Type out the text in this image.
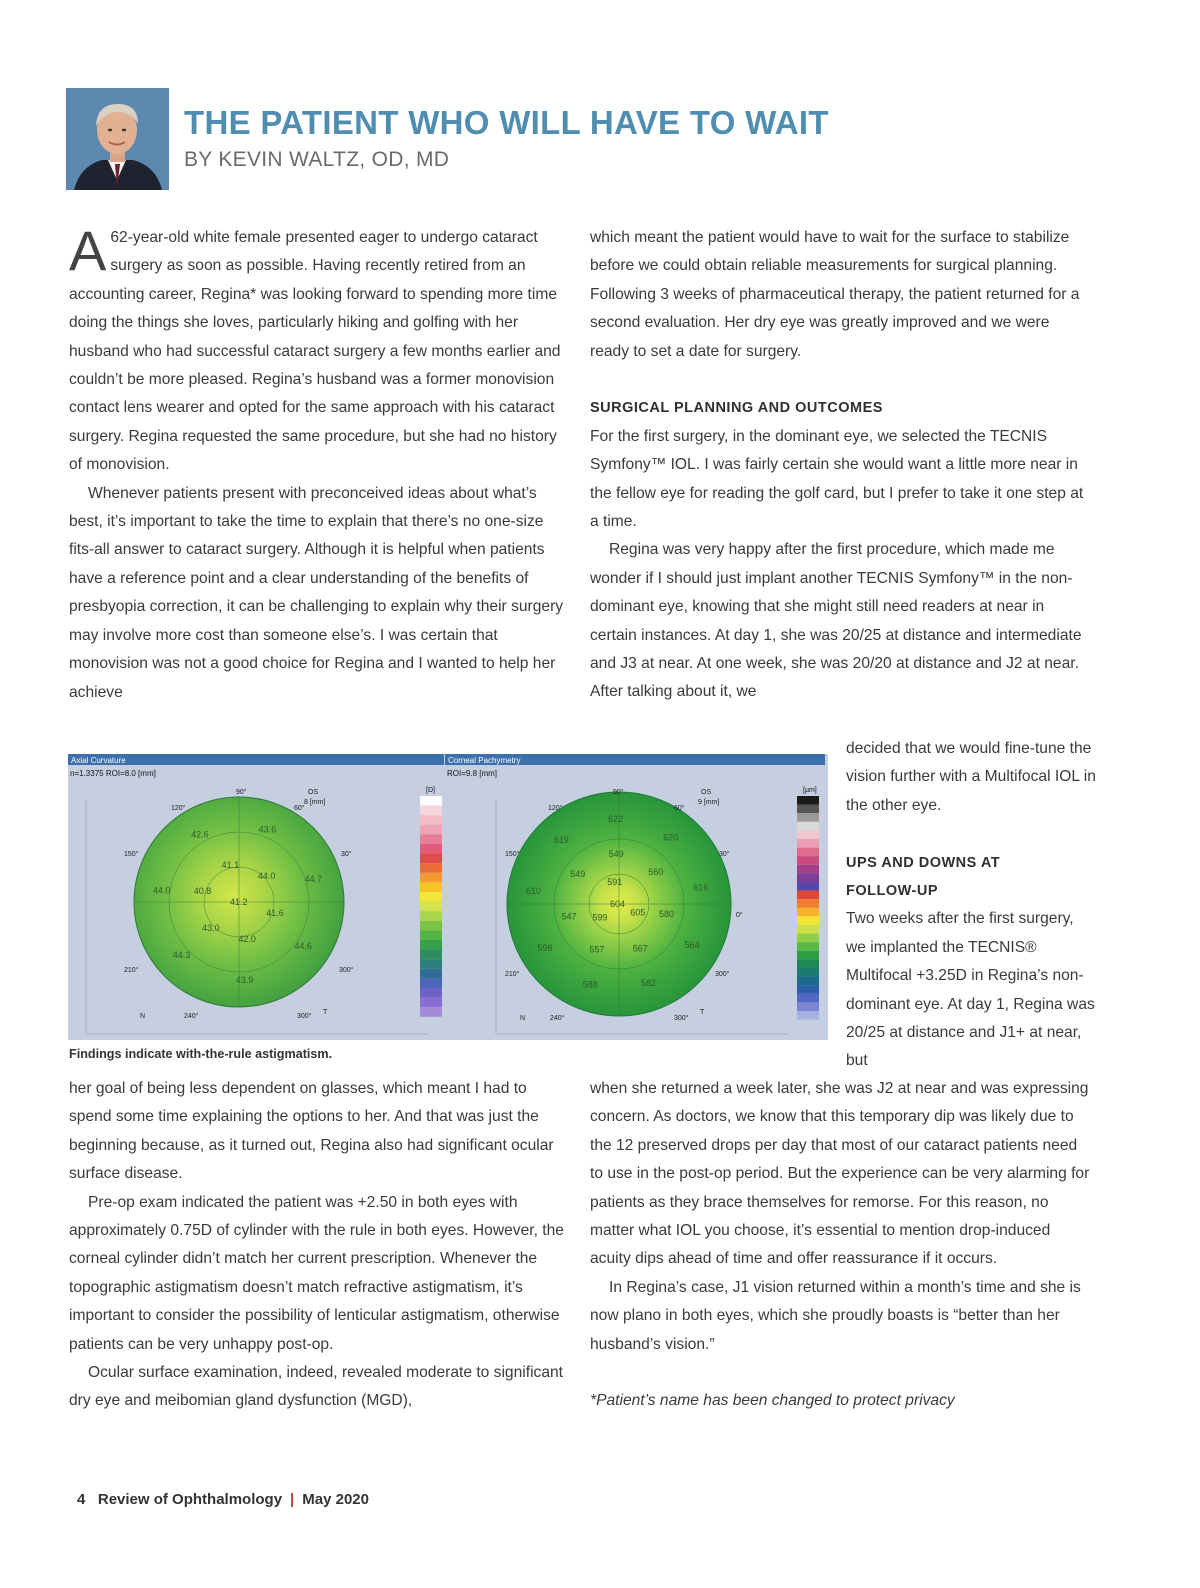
THE PATIENT WHO WILL HAVE TO WAIT
BY KEVIN WALTZ, OD, MD

A 62-year-old white female presented eager to undergo cataract surgery as soon as possible. Having recently retired from an accounting career, Regina* was looking forward to spending more time doing the things she loves, particularly hiking and golfing with her husband who had successful cataract surgery a few months earlier and couldn’t be more pleased. Regina’s husband was a former monovision contact lens wearer and opted for the same approach with his cataract surgery. Regina requested the same procedure, but she had no history of monovision.

Whenever patients present with preconceived ideas about what’s best, it’s important to take the time to explain that there’s no one-size fits-all answer to cataract surgery. Although it is helpful when patients have a reference point and a clear understanding of the benefits of presbyopia correction, it can be challenging to explain why their surgery may involve more cost than someone else’s. I was certain that monovision was not a good choice for Regina and I wanted to help her achieve

which meant the patient would have to wait for the surface to stabilize before we could obtain reliable measurements for surgical planning. Following 3 weeks of pharmaceutical therapy, the patient returned for a second evaluation. Her dry eye was greatly improved and we were ready to set a date for surgery.

SURGICAL PLANNING AND OUTCOMES

For the first surgery, in the dominant eye, we selected the TECNIS Symfony™ IOL. I was fairly certain she would want a little more near in the fellow eye for reading the golf card, but I prefer to take it one step at a time.

Regina was very happy after the first procedure, which made me wonder if I should just implant another TECNIS Symfony™ in the non-dominant eye, knowing that she might still need readers at near in certain instances. At day 1, she was 20/25 at distance and intermediate and J3 at near. At one week, she was 20/20 at distance and J2 at near. After talking about it, we

decided that we would fine-tune the vision further with a Multifocal IOL in the other eye.

UPS AND DOWNS AT

FOLLOW-UP

Two weeks after the first surgery, we implanted the TECNIS® Multifocal +3.25D in Regina’s non-dominant eye. At day 1, Regina was 20/25 at distance and J1+ at near, but

Axial Curvature
n=1.3375 ROI=8.0 [mm]
90°
120°	60°
150°	30°
210°	300°
240°	300°
N
T
OS
8 [mm]
41.2
41.6
42.0
43.0
40.8
41.1
44.0
44.6
43.9
44.3
44.0
42.6	43.6
44.7
[D]
Corneal Pachymetry
ROI=9.8 [mm]
90°
120°	60°
150°	30°
210°	300°
0°
240°	300°
N
T
OS
9 [mm]
604
605
599
591
580
567
557
547
549
549
560
564
582
588
598
610
619
622
620
616
[µm]
Findings indicate with-the-rule astigmatism.

her goal of being less dependent on glasses, which meant I had to spend some time explaining the options to her. And that was just the beginning because, as it turned out, Regina also had significant ocular surface disease.

Pre-op exam indicated the patient was +2.50 in both eyes with approximately 0.75D of cylinder with the rule in both eyes. However, the corneal cylinder didn’t match her current prescription. Whenever the topographic astigmatism doesn’t match refractive astigmatism, it’s important to consider the possibility of lenticular astigmatism, otherwise patients can be very unhappy post-op.

Ocular surface examination, indeed, revealed moderate to significant dry eye and meibomian gland dysfunction (MGD),

when she returned a week later, she was J2 at near and was expressing concern. As doctors, we know that this temporary dip was likely due to the 12 preserved drops per day that most of our cataract patients need to use in the post-op period. But the experience can be very alarming for patients as they brace themselves for remorse. For this reason, no matter what IOL you choose, it’s essential to mention drop-induced acuity dips ahead of time and offer reassurance if it occurs.

In Regina’s case, J1 vision returned within a month’s time and she is now plano in both eyes, which she proudly boasts is “better than her husband’s vision.”

*Patient’s name has been changed to protect privacy

4 Review of Ophthalmology | May 2020
